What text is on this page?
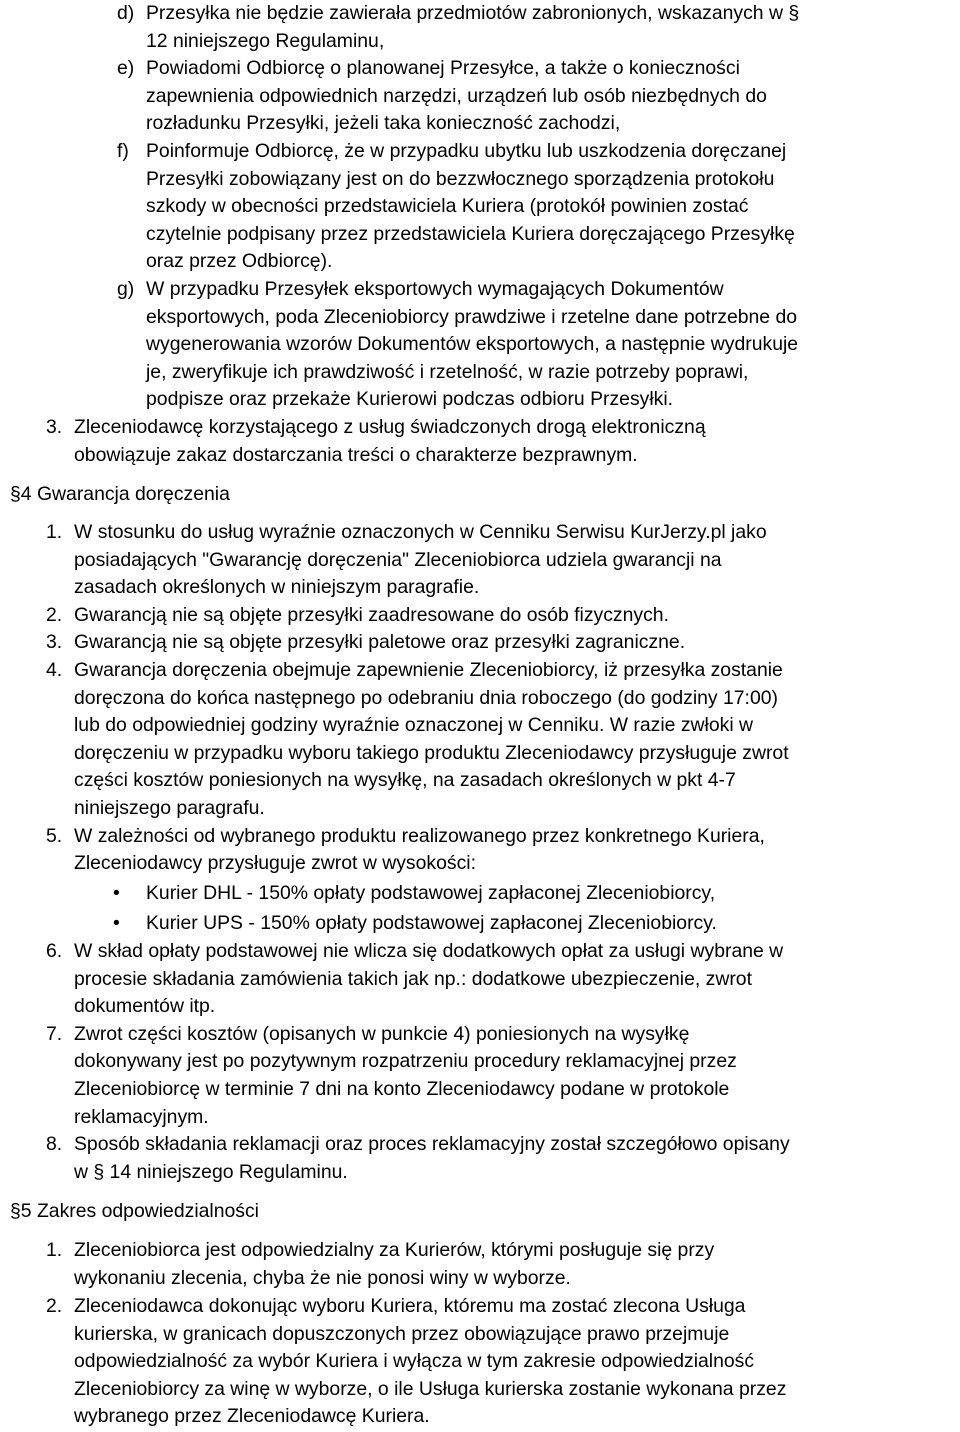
d) Przesyłka nie będzie zawierała przedmiotów zabronionych, wskazanych w §
12 niniejszego Regulaminu,
e) Powiadomi Odbiorcę o planowanej Przesyłce, a także o konieczności
zapewnienia odpowiednich narzędzi, urządzeń lub osób niezbędnych do
rozładunku Przesyłki, jeżeli taka konieczność zachodzi,
f) Poinformuje Odbiorcę, że w przypadku ubytku lub uszkodzenia doręczanej
Przesyłki zobowiązany jest on do bezzwłocznego sporządzenia protokołu
szkody w obecności przedstawiciela Kuriera (protokół powinien zostać
czytelnie podpisany przez przedstawiciela Kuriera doręczającego Przesyłkę
oraz przez Odbiorcę).
g) W przypadku Przesyłek eksportowych wymagających Dokumentów
eksportowych, poda Zleceniobiorcy prawdziwe i rzetelne dane potrzebne do
wygenerowania wzorów Dokumentów eksportowych, a następnie wydrukuje
je, zweryfikuje ich prawdziwość i rzetelność, w razie potrzeby poprawi,
podpisze oraz przekaże Kurierowi podczas odbioru Przesyłki.
3. Zleceniodawcę korzystającego z usług świadczonych drogą elektroniczną
obowiązuje zakaz dostarczania treści o charakterze bezprawnym.
§4 Gwarancja doręczenia
1. W stosunku do usług wyraźnie oznaczonych w Cenniku Serwisu KurJerzy.pl jako
posiadających "Gwarancję doręczenia" Zleceniobiorca udziela gwarancji na
zasadach określonych w niniejszym paragrafie.
2. Gwarancją nie są objęte przesyłki zaadresowane do osób fizycznych.
3. Gwarancją nie są objęte przesyłki paletowe oraz przesyłki zagraniczne.
4. Gwarancja doręczenia obejmuje zapewnienie Zleceniobiorcy, iż przesyłka zostanie
doręczona do końca następnego po odebraniu dnia roboczego (do godziny 17:00)
lub do odpowiedniej godziny wyraźnie oznaczonej w Cenniku. W razie zwłoki w
doręczeniu w przypadku wyboru takiego produktu Zleceniodawcy przysługuje zwrot
części kosztów poniesionych na wysyłkę, na zasadach określonych w pkt 4-7
niniejszego paragrafu.
5. W zależności od wybranego produktu realizowanego przez konkretnego Kuriera,
Zleceniodawcy przysługuje zwrot w wysokości:
• Kurier DHL - 150% opłaty podstawowej zapłaconej Zleceniobiorcy,
• Kurier UPS - 150% opłaty podstawowej zapłaconej Zleceniobiorcy.
6. W skład opłaty podstawowej nie wlicza się dodatkowych opłat za usługi wybrane w
procesie składania zamówienia takich jak np.: dodatkowe ubezpieczenie, zwrot
dokumentów itp.
7. Zwrot części kosztów (opisanych w punkcie 4) poniesionych na wysyłkę
dokonywany jest po pozytywnym rozpatrzeniu procedury reklamacyjnej przez
Zleceniobiorcę w terminie 7 dni na konto Zleceniodawcy podane w protokole
reklamacyjnym.
8. Sposób składania reklamacji oraz proces reklamacyjny został szczegółowo opisany
w § 14 niniejszego Regulaminu.
§5 Zakres odpowiedzialności
1. Zleceniobiorca jest odpowiedzialny za Kurierów, którymi posługuje się przy
wykonaniu zlecenia, chyba że nie ponosi winy w wyborze.
2. Zleceniodawca dokonując wyboru Kuriera, któremu ma zostać zlecona Usługa
kurierska, w granicach dopuszczonych przez obowiązujące prawo przejmuje
odpowiedzialność za wybór Kuriera i wyłącza w tym zakresie odpowiedzialność
Zleceniobiorcy za winę w wyborze, o ile Usługa kurierska zostanie wykonana przez
wybranego przez Zleceniodawcę Kuriera.
